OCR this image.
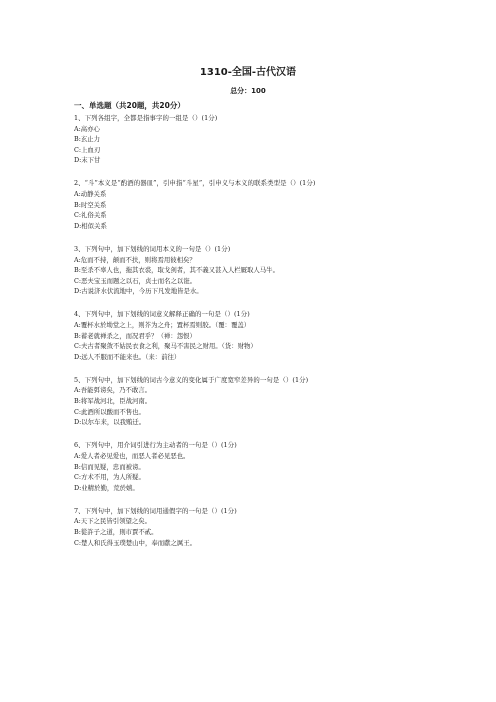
1310-全国-古代汉语
总分：100
一、单选题（共20题，共20分）
1、下列各组字，全都是指事字的一组是（）(1分)
A:高亦心
B:玄止力
C:上血刃
D:末下甘
2、“斗”本义是“酌酒的器皿”，引申指“斗星”，引申义与本义的联系类型是（）(1分)
A:动静关系
B:时空关系
C:礼俗关系
D:相似关系
3、下列句中，加下划线的词用本义的一句是（）(1分)
A:危而不持，颠而不扶，则将焉用彼相矣？
B:至杀不辜人也，拖其衣裘，取戈剑者，其不義又甚入人栏厩取人马牛。
C:恶夫宝玉而题之以石，贞士而名之以诳。
D:古说济水伏流地中，今历下凡发地皆是水。
4、下列句中，加下划线的词意义解释正确的一句是（）(1分)
A:覆杯水於坳堂之上，则芥为之舟；置杯焉则胶。（覆：覆盖）
B:蓄老就禅杀之，而况君乎？（禅：怨恨）
C:夫古者聚敛不姑民衣食之利，聚马不害民之财用。（货：财物）
D:远人不服而不能来也。（来：前往）
5、下列句中，加下划线的词古今意义的变化属于广度宽窄差异的一句是（）(1分)
A:吾能弭谤矣，乃不敢言。
B:将军战河北，臣战河南。
C:此酒所以酸而不售也。
D:以尔车来，以我贿迁。
6、下列句中，用介词引进行为主动者的一句是（）(1分)
A:爱人者必见爱也，而恶人者必见恶也。
B:信而见疑，忠而被谤。
C:方术不用，为人所疑。
D:业精於勤，荒於嬉。
7、下列句中，加下划线的词用通假字的一句是（）(1分)
A:天下之民皆引领望之矣。
B:從許子之道，則市賈不貳。
C:楚人和氏得玉璞楚山中，奉而獻之厲王。
